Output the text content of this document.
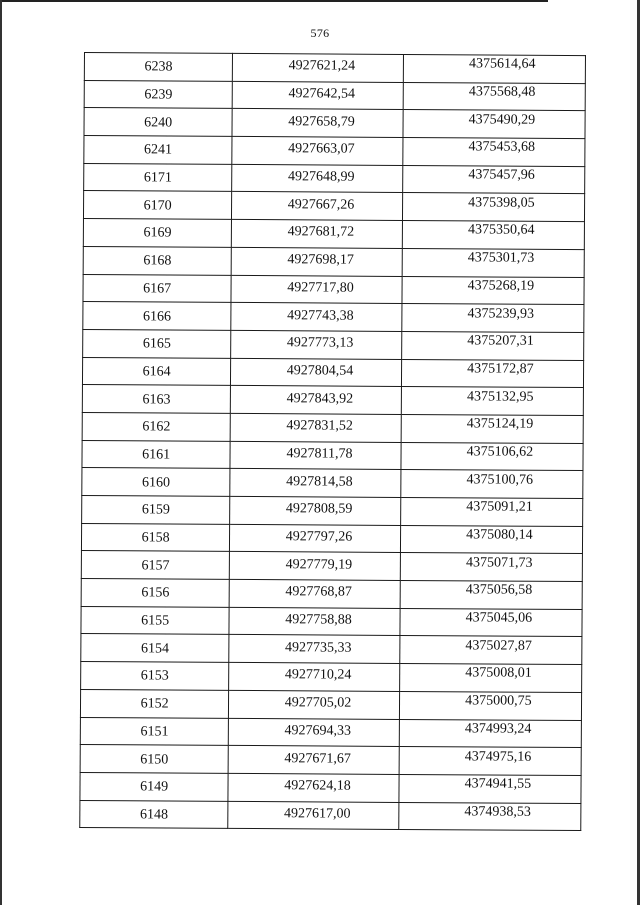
576
6238	4927621,24	4375614,64
6239	4927642,54	4375568,48
6240	4927658,79	4375490,29
6241	4927663,07	4375453,68
6171	4927648,99	4375457,96
6170	4927667,26	4375398,05
6169	4927681,72	4375350,64
6168	4927698,17	4375301,73
6167	4927717,80	4375268,19
6166	4927743,38	4375239,93
6165	4927773,13	4375207,31
6164	4927804,54	4375172,87
6163	4927843,92	4375132,95
6162	4927831,52	4375124,19
6161	4927811,78	4375106,62
6160	4927814,58	4375100,76
6159	4927808,59	4375091,21
6158	4927797,26	4375080,14
6157	4927779,19	4375071,73
6156	4927768,87	4375056,58
6155	4927758,88	4375045,06
6154	4927735,33	4375027,87
6153	4927710,24	4375008,01
6152	4927705,02	4375000,75
6151	4927694,33	4374993,24
6150	4927671,67	4374975,16
6149	4927624,18	4374941,55
6148	4927617,00	4374938,53
